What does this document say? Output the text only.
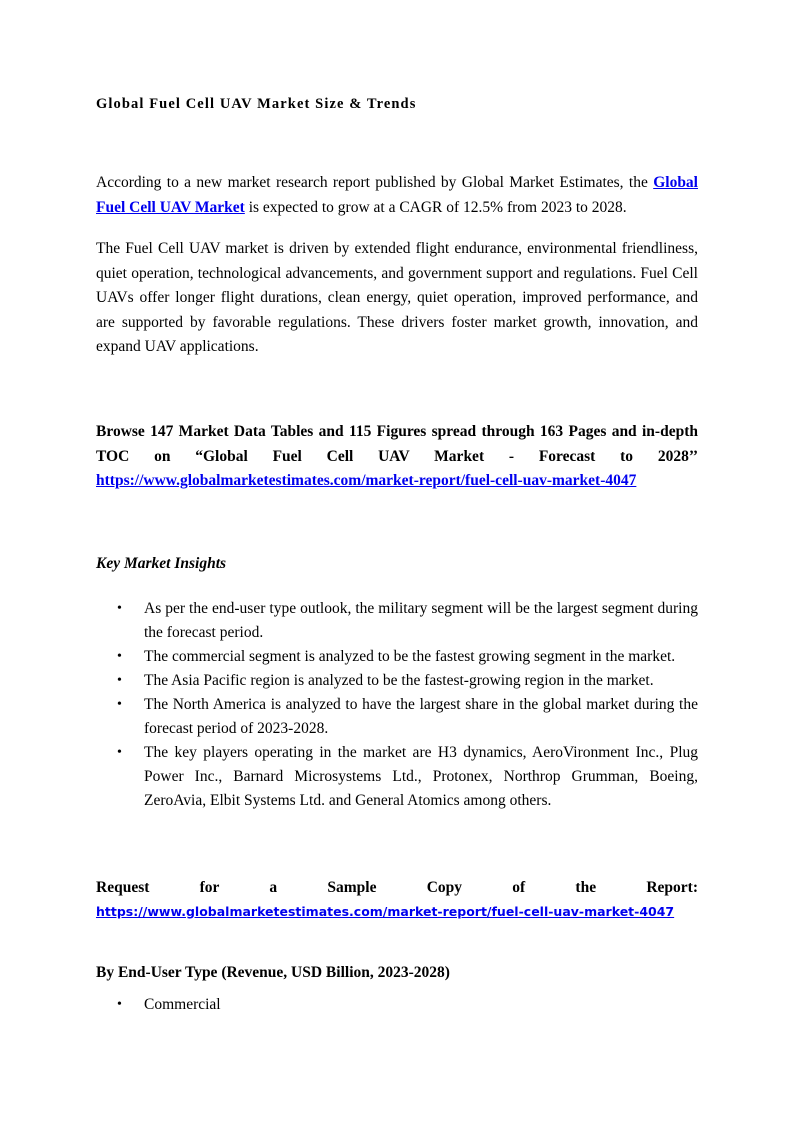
Global Fuel Cell UAV Market Size & Trends
According to a new market research report published by Global Market Estimates, the Global Fuel Cell UAV Market is expected to grow at a CAGR of 12.5% from 2023 to 2028.
The Fuel Cell UAV market is driven by extended flight endurance, environmental friendliness, quiet operation, technological advancements, and government support and regulations. Fuel Cell UAVs offer longer flight durations, clean energy, quiet operation, improved performance, and are supported by favorable regulations. These drivers foster market growth, innovation, and expand UAV applications.
Browse 147 Market Data Tables and 115 Figures spread through 163 Pages and in-depth TOC on “Global Fuel Cell UAV Market - Forecast to 2028’’ https://www.globalmarketestimates.com/market-report/fuel-cell-uav-market-4047
Key Market Insights
• As per the end-user type outlook, the military segment will be the largest segment during the forecast period.
• The commercial segment is analyzed to be the fastest growing segment in the market.
• The Asia Pacific region is analyzed to be the fastest-growing region in the market.
• The North America is analyzed to have the largest share in the global market during the forecast period of 2023-2028.
• The key players operating in the market are H3 dynamics, AeroVironment Inc., Plug Power Inc., Barnard Microsystems Ltd., Protonex, Northrop Grumman, Boeing, ZeroAvia, Elbit Systems Ltd. and General Atomics among others.
Request for a Sample Copy of the Report: https://www.globalmarketestimates.com/market-report/fuel-cell-uav-market-4047
By End-User Type (Revenue, USD Billion, 2023-2028)
• Commercial
